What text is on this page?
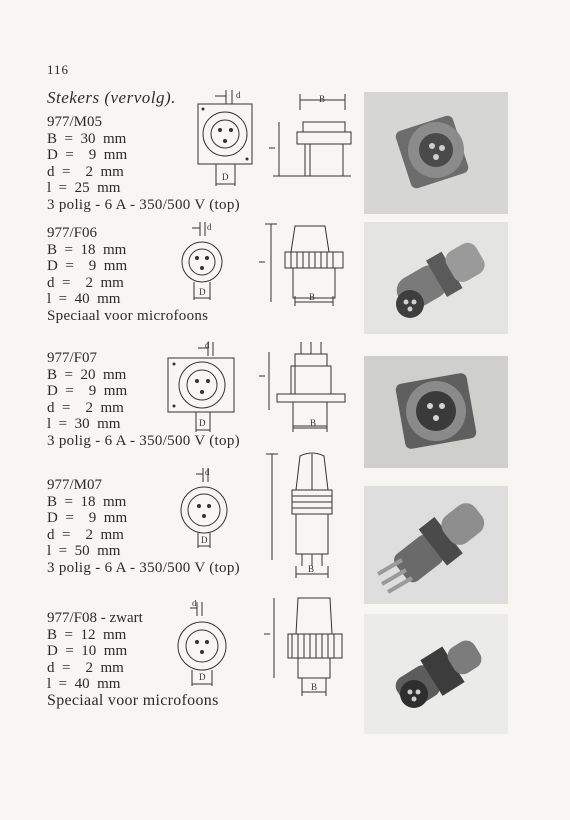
116
Stekers (vervolg).
977/M05
B  =  30  mm
D  =    9  mm
d  =    2  mm
l  =  25  mm
3 polig - 6 A - 350/500 V (top)
d
D
B
977/F06
B  =  18  mm
D  =    9  mm
d  =    2  mm
l  =  40  mm
Speciaal voor microfoons
d
D	B
977/F07
B  =  20  mm
D  =    9  mm
d  =    2  mm
l  =  30  mm
3 polig - 6 A - 350/500 V (top)
d
D	B
977/M07
B  =  18  mm
D  =    9  mm
d  =    2  mm
l  =  50  mm
3 polig - 6 A - 350/500 V (top)
d
D
B
977/F08 - zwart
B  =  12  mm
D  =  10  mm
d  =    2  mm
l  =  40  mm
Speciaal voor microfoons
d
D
B
